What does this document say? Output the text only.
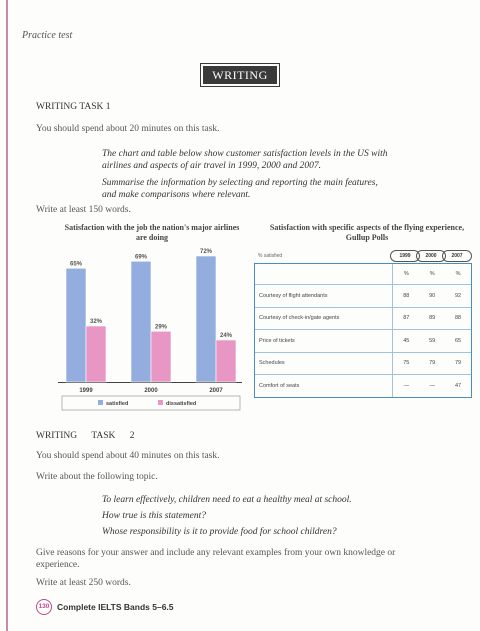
Practice test
WRITING
WRITING TASK 1
You should spend about 20 minutes on this task.

The chart and table below show customer satisfaction levels in the US with airlines and aspects of air travel in 1999, 2000 and 2007.

Summarise the information by selecting and reporting the main features, and make comparisons where relevant.

Write at least 150 words.
Satisfaction with the job the nation's major airlines are doing
65%
32%
1999
69%
29%
2000
72%
24%
2007
satisfied	dissatisfied
Satisfaction with specific aspects of the flying experience, Gullup Polls
% satisfied	1999	2000	2007
%	%	%
Courtesy of flight attendants	88	90	92
Courtesy of check-in/gate agents	87	89	88
Price of tickets	45	59	65
Schedules	75	79	79
Comfort of seats	—	—	47
WRITING TASK 2
You should spend about 40 minutes on this task.
Write about the following topic.

To learn effectively, children need to eat a healthy meal at school.

How true is this statement?

Whose responsibility is it to provide food for school children?

Give reasons for your answer and include any relevant examples from your own knowledge or experience.
Write at least 250 words.
130 Complete IELTS Bands 5–6.5
